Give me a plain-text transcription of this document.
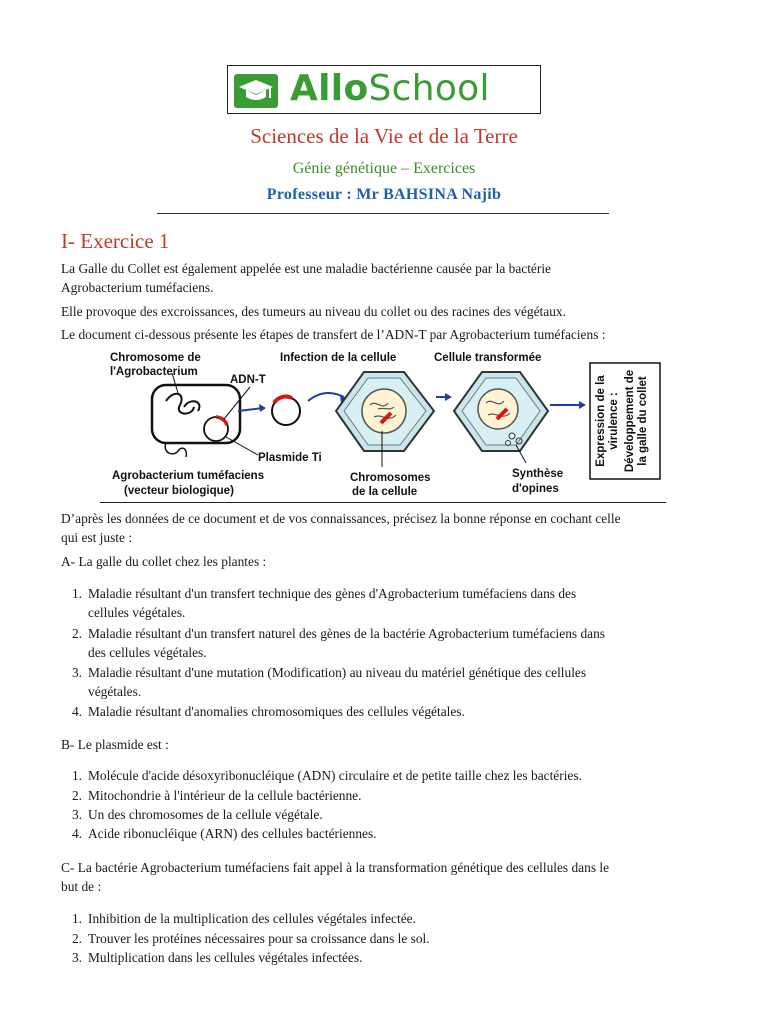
AlloSchool
Sciences de la Vie et de la Terre
Génie génétique – Exercices
Professeur : Mr BAHSINA Najib
I- Exercice 1
La Galle du Collet est également appelée est une maladie bactérienne causée par la bactérie
Agrobacterium tuméfaciens.
Elle provoque des excroissances, des tumeurs au niveau du collet ou des racines des végétaux.
Le document ci-dessous présente les étapes de transfert de l’ADN-T par Agrobacterium tuméfaciens :
Expression de la virulence : Développement de la galle du collet
Chromosome de
l'Agrobacterium
ADN-T
Infection de la cellule	Cellule transformée
Plasmide Ti
Agrobacterium tuméfaciens
(vecteur biologique)
Chromosomes
de la cellule
Synthèse
d'opines
D’après les données de ce document et de vos connaissances, précisez la bonne réponse en cochant celle
qui est juste :
A- La galle du collet chez les plantes :
1. Maladie résultant d'un transfert technique des gènes d'Agrobacterium tuméfaciens dans des
cellules végétales.
2. Maladie résultant d'un transfert naturel des gènes de la bactérie Agrobacterium tuméfaciens dans
des cellules végétales.
3. Maladie résultant d'une mutation (Modification) au niveau du matériel génétique des cellules
végétales.
4. Maladie résultant d'anomalies chromosomiques des cellules végétales.
B- Le plasmide est :
1. Molécule d'acide désoxyribonucléique (ADN) circulaire et de petite taille chez les bactéries.
2. Mitochondrie à l'intérieur de la cellule bactérienne.
3. Un des chromosomes de la cellule végétale.
4. Acide ribonucléique (ARN) des cellules bactériennes.
C- La bactérie Agrobacterium tuméfaciens fait appel à la transformation génétique des cellules dans le
but de :
1. Inhibition de la multiplication des cellules végétales infectée.
2. Trouver les protéines nécessaires pour sa croissance dans le sol.
3. Multiplication dans les cellules végétales infectées.
